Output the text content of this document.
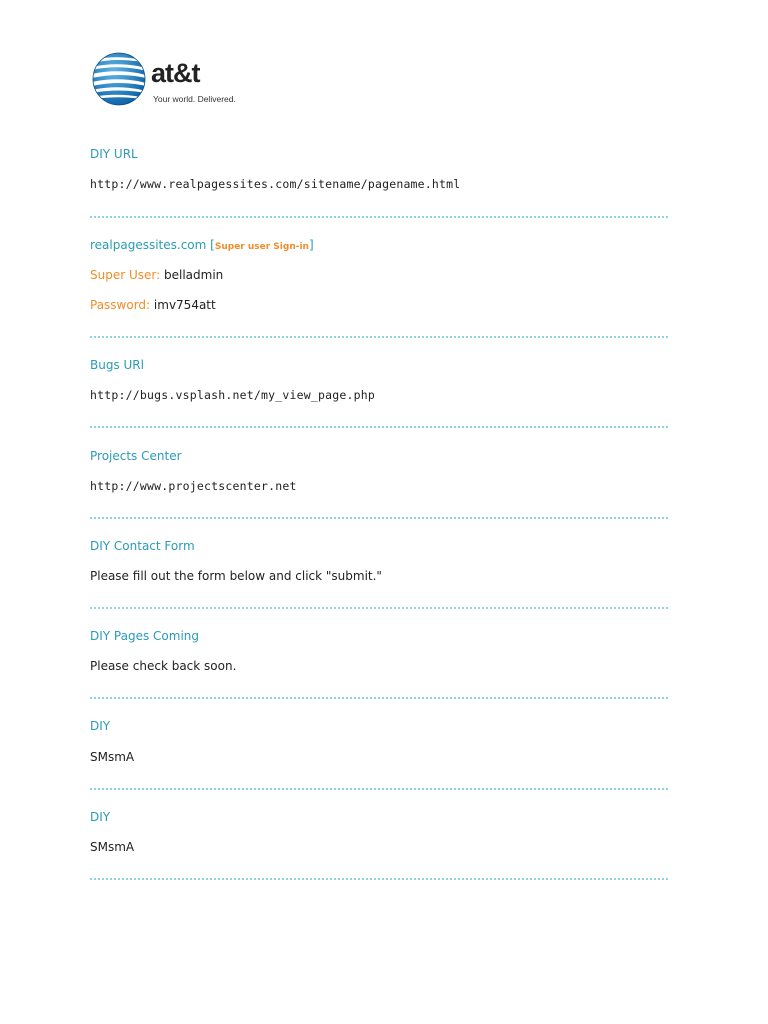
at&t
Your world. Delivered.
DIY URL
http://www.realpagessites.com/sitename/pagename.html
realpagessites.com [Super user Sign-in]
Super User: belladmin
Password: imv754att
Bugs URl
http://bugs.vsplash.net/my_view_page.php
Projects Center
http://www.projectscenter.net
DIY Contact Form
Please fill out the form below and click "submit."
DIY Pages Coming
Please check back soon.
DIY
SMsmA
DIY
SMsmA
